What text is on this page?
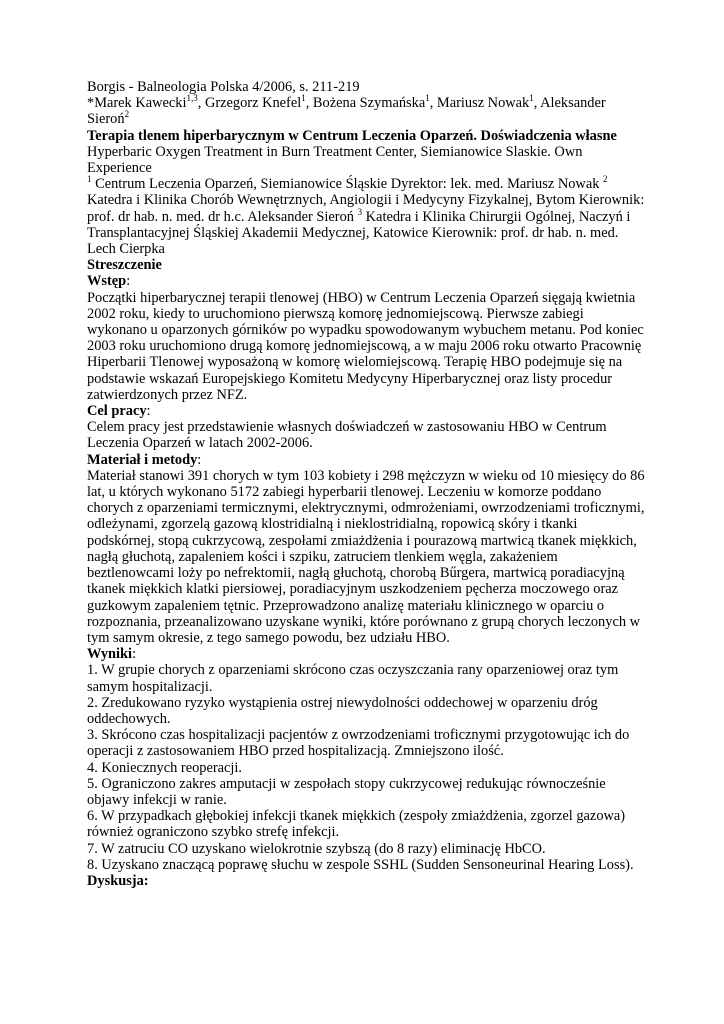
Borgis - Balneologia Polska 4/2006, s. 211-219

*Marek Kawecki$^{1,3}$, Grzegorz Knefel$^1$, Bożena Szymańska$^1$, Mariusz Nowak$^1$, Aleksander Sieroń$^2$

Terapia tlenem hiperbarycznym w Centrum Leczenia Oparzeń. Doświadczenia własne

Hyperbaric Oxygen Treatment in Burn Treatment Center, Siemianowice Slaskie. Own Experience

$^1$ Centrum Leczenia Oparzeń, Siemianowice Śląskie Dyrektor: lek. med. Mariusz Nowak $^2$ Katedra i Klinika Chorób Wewnętrznych, Angiologii i Medycyny Fizykalnej, Bytom Kierownik: prof. dr hab. n. med. dr h.c. Aleksander Sieroń $^3$ Katedra i Klinika Chirurgii Ogólnej, Naczyń i Transplantacyjnej Śląskiej Akademii Medycznej, Katowice Kierownik: prof. dr hab. n. med. Lech Cierpka

Streszczenie

Wstęp:

Początki hiperbarycznej terapii tlenowej (HBO) w Centrum Leczenia Oparzeń sięgają kwietnia 2002 roku, kiedy to uruchomiono pierwszą komorę jednomiejscową. Pierwsze zabiegi wykonano u oparzonych górników po wypadku spowodowanym wybuchem metanu. Pod koniec 2003 roku uruchomiono drugą komorę jednomiejscową, a w maju 2006 roku otwarto Pracownię Hiperbarii Tlenowej wyposażoną w komorę wielomiejscową. Terapię HBO podejmuje się na podstawie wskazań Europejskiego Komitetu Medycyny Hiperbarycznej oraz listy procedur zatwierdzonych przez NFZ.

Cel pracy:

Celem pracy jest przedstawienie własnych doświadczeń w zastosowaniu HBO w Centrum Leczenia Oparzeń w latach 2002-2006.

Materiał i metody:

Materiał stanowi 391 chorych w tym 103 kobiety i 298 mężczyzn w wieku od 10 miesięcy do 86 lat, u których wykonano 5172 zabiegi hyperbarii tlenowej. Leczeniu w komorze poddano chorych z oparzeniami termicznymi, elektrycznymi, odmrożeniami, owrzodzeniami troficznymi, odleżynami, zgorzelą gazową klostridialną i nieklostridialną, ropowicą skóry i tkanki podskórnej, stopą cukrzycową, zespołami zmiażdżenia i pourazową martwicą tkanek miękkich, nagłą głuchotą, zapaleniem kości i szpiku, zatruciem tlenkiem węgla, zakażeniem beztlenowcami loży po nefrektomii, nagłą głuchotą, chorobą Bűrgera, martwicą poradiacyjną tkanek miękkich klatki piersiowej, poradiacyjnym uszkodzeniem pęcherza moczowego oraz guzkowym zapaleniem tętnic. Przeprowadzono analizę materiału klinicznego w oparciu o rozpoznania, przeanalizowano uzyskane wyniki, które porównano z grupą chorych leczonych w tym samym okresie, z tego samego powodu, bez udziału HBO.

Wyniki:

1. W grupie chorych z oparzeniami skrócono czas oczyszczania rany oparzeniowej oraz tym samym hospitalizacji.

2. Zredukowano ryzyko wystąpienia ostrej niewydolności oddechowej w oparzeniu dróg oddechowych.

3. Skrócono czas hospitalizacji pacjentów z owrzodzeniami troficznymi przygotowując ich do operacji z zastosowaniem HBO przed hospitalizacją. Zmniejszono ilość.

4. Koniecznych reoperacji.

5. Ograniczono zakres amputacji w zespołach stopy cukrzycowej redukując równocześnie objawy infekcji w ranie.

6. W przypadkach głębokiej infekcji tkanek miękkich (zespoły zmiażdżenia, zgorzel gazowa) również ograniczono szybko strefę infekcji.

7. W zatruciu CO uzyskano wielokrotnie szybszą (do 8 razy) eliminację HbCO.

8. Uzyskano znaczącą poprawę słuchu w zespole SSHL (Sudden Sensoneurinal Hearing Loss).

Dyskusja:
